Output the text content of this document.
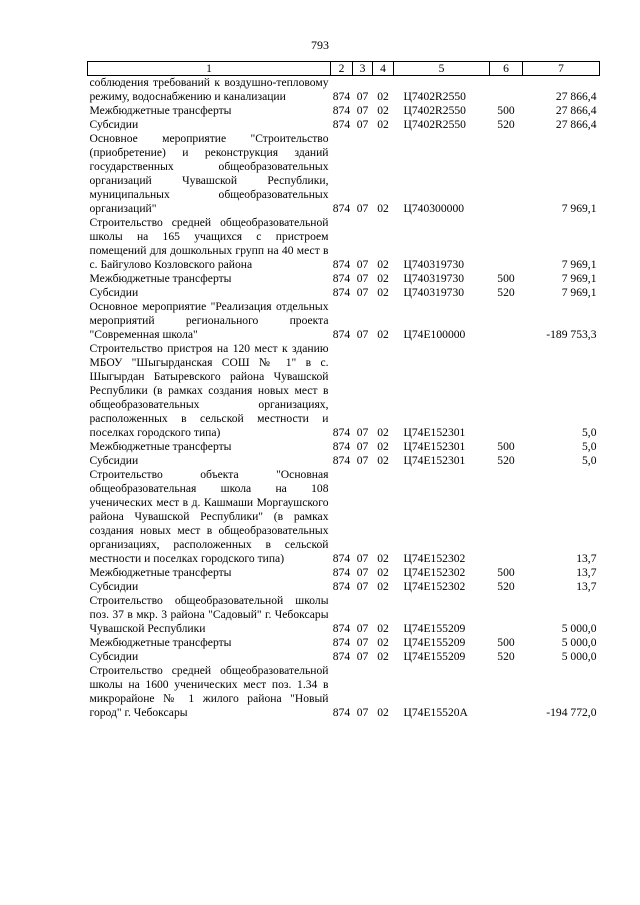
793
1	2	3	4	5	6	7
соблюдения требований к воздушно-тепловому режиму, водоснабжению и канализации	874	07	02	Ц7402R2550		27 866,4
Межбюджетные трансферты	874	07	02	Ц7402R2550	500	27 866,4
Субсидии	874	07	02	Ц7402R2550	520	27 866,4
Основное мероприятие "Строительство (приобретение) и реконструкция зданий государственных общеобразовательных организаций Чувашской Республики, муниципальных общеобразовательных организаций"	874	07	02	Ц740300000		7 969,1
Строительство средней общеобразовательной школы на 165 учащихся с пристроем помещений для дошкольных групп на 40 мест в с. Байгулово Козловского района	874	07	02	Ц740319730		7 969,1
Межбюджетные трансферты	874	07	02	Ц740319730	500	7 969,1
Субсидии	874	07	02	Ц740319730	520	7 969,1
Основное мероприятие "Реализация отдельных мероприятий регионального проекта "Современная школа"	874	07	02	Ц74Е100000		-189 753,3
Строительство пристроя на 120 мест к зданию МБОУ "Шыгырданская СОШ № 1" в с. Шыгырдан Батыревского района Чувашской Республики (в рамках создания новых мест в общеобразовательных организациях, расположенных в сельской местности и поселках городского типа)	874	07	02	Ц74Е152301		5,0
Межбюджетные трансферты	874	07	02	Ц74Е152301	500	5,0
Субсидии	874	07	02	Ц74Е152301	520	5,0
Строительство объекта "Основная общеобразовательная школа на 108 ученических мест в д. Кашмаши Моргаушского района Чувашской Республики" (в рамках создания новых мест в общеобразовательных организациях, расположенных в сельской местности и поселках городского типа)	874	07	02	Ц74Е152302		13,7
Межбюджетные трансферты	874	07	02	Ц74Е152302	500	13,7
Субсидии	874	07	02	Ц74Е152302	520	13,7
Строительство общеобразовательной школы поз. 37 в мкр. 3 района "Садовый" г. Чебоксары Чувашской Республики	874	07	02	Ц74Е155209		5 000,0
Межбюджетные трансферты	874	07	02	Ц74Е155209	500	5 000,0
Субсидии	874	07	02	Ц74Е155209	520	5 000,0
Строительство средней общеобразовательной школы на 1600 ученических мест поз. 1.34 в микрорайоне № 1 жилого района "Новый город" г. Чебоксары	874	07	02	Ц74Е15520А		-194 772,0
